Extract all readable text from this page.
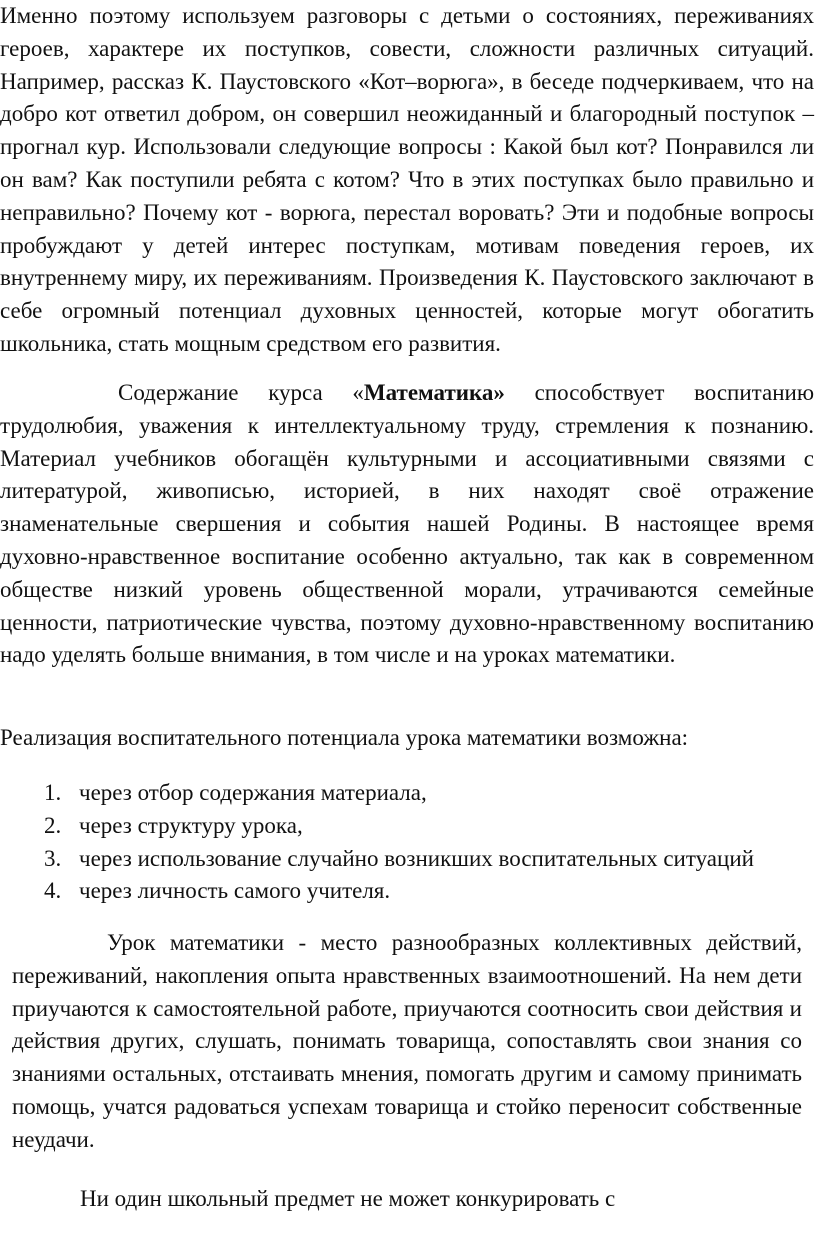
Именно поэтому используем разговоры с детьми о состояниях, переживаниях героев, характере их поступков, совести, сложности различных ситуаций. Например, рассказ К. Паустовского «Кот–ворюга», в беседе подчеркиваем, что на добро кот ответил добром, он совершил неожиданный и благородный поступок – прогнал кур. Использовали следующие вопросы : Какой был кот? Понравился ли он вам? Как поступили ребята с котом? Что в этих поступках было правильно и неправильно? Почему кот - ворюга, перестал воровать? Эти и подобные вопросы пробуждают у детей интерес поступкам, мотивам поведения героев, их внутреннему миру, их переживаниям. Произведения К. Паустовского заключают в себе огромный потенциал духовных ценностей, которые могут обогатить школьника, стать мощным средством его развития.

Содержание курса «Математика» способствует воспитанию трудолюбия, уважения к интеллектуальному труду, стремления к познанию. Материал учебников обогащён культурными и ассоциативными связями с литературой, живописью, историей, в них находят своё отражение знаменательные свершения и события нашей Родины. В настоящее время духовно-нравственное воспитание особенно актуально, так как в современном обществе низкий уровень общественной морали, утрачиваются семейные ценности, патриотические чувства, поэтому духовно-нравственному воспитанию надо уделять больше внимания, в том числе и на уроках математики.

Реализация воспитательного потенциала урока математики возможна:

1. через отбор содержания материала,
2. через структуру урока,
3. через использование случайно возникших воспитательных ситуаций
4. через личность самого учителя.

Урок математики - место разнообразных коллективных действий, переживаний, накопления опыта нравственных взаимоотношений. На нем дети приучаются к самостоятельной работе, приучаются соотносить свои действия и действия других, слушать, понимать товарища, сопоставлять свои знания со знаниями остальных, отстаивать мнения, помогать другим и самому принимать помощь, учатся радоваться успехам товарища и стойко переносит собственные неудачи.

Ни один школьный предмет не может конкурировать с
